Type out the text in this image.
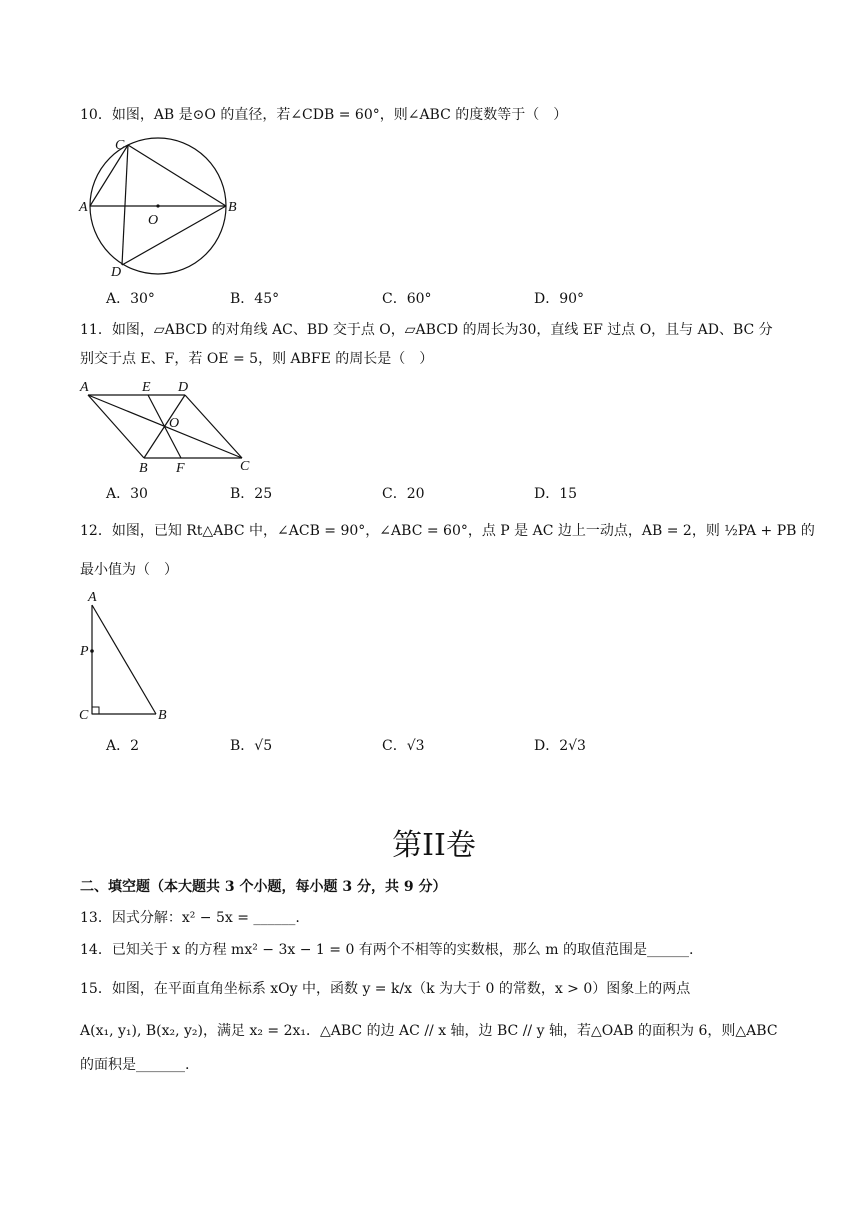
10．如图，AB 是⊙O 的直径，若∠CDB = 60°，则∠ABC 的度数等于（　）
C
A
O
B
D
A．30°	B．45°	C．60°	D．90°
11．如图，▱ABCD 的对角线 AC、BD 交于点 O，▱ABCD 的周长为30，直线 EF 过点 O，且与 AD、BC 分
别交于点 E、F，若 OE = 5，则 ABFE 的周长是（　）
A	E D
O
B F	C
A．30	B．25	C．20	D．15
12．如图，已知 Rt△ABC 中，∠ACB = 90°，∠ABC = 60°，点 P 是 AC 边上一动点，AB = 2，则 ½PA + PB 的
最小值为（　）
A
P
C	B
A．2	B．√5	C．√3	D．2√3
第II卷
二、填空题（本大题共 3 个小题，每小题 3 分，共 9 分）
13．因式分解：x² − 5x = ______.
14．已知关于 x 的方程 mx² − 3x − 1 = 0 有两个不相等的实数根，那么 m 的取值范围是______.
15．如图，在平面直角坐标系 xOy 中，函数 y = k/x（k 为大于 0 的常数，x > 0）图象上的两点
A(x₁, y₁), B(x₂, y₂)，满足 x₂ = 2x₁．△ABC 的边 AC // x 轴，边 BC // y 轴，若△OAB 的面积为 6，则△ABC
的面积是_______.
